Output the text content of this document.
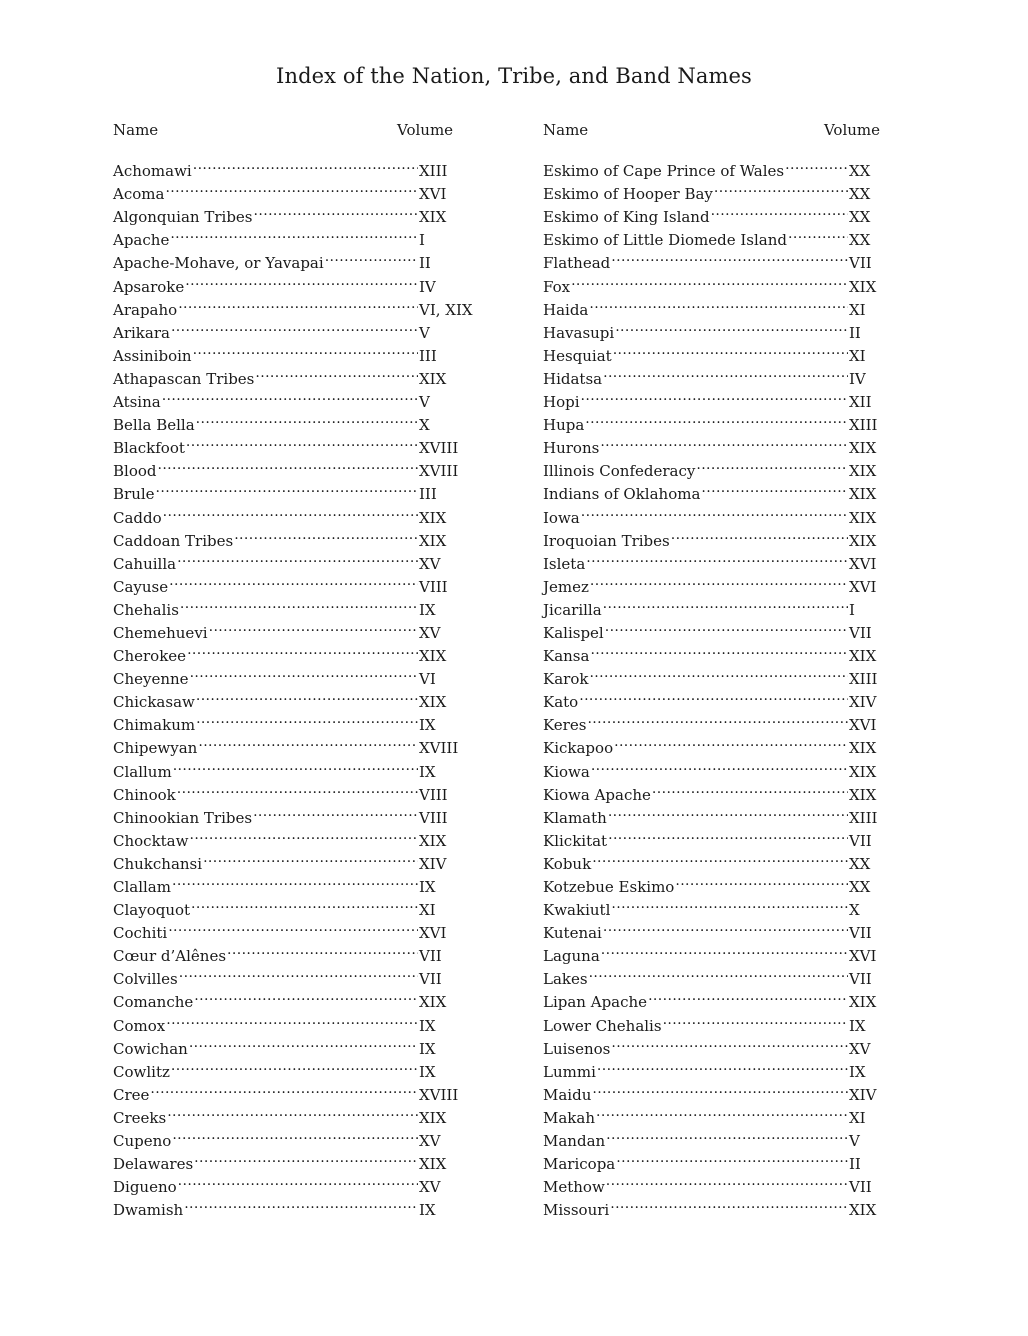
Index of the Nation, Tribe, and Band Names
Name	Volume
Achomawi .....	XIII
Acoma .....	XVI
Algonquian Tribes .....	XIX
Apache .....	I
Apache-Mohave, or Yavapai .....	II
Apsaroke .....	IV
Arapaho .....	VI, XIX
Arikara .....	V
Assiniboin .....	III
Athapascan Tribes .....	XIX
Atsina .....	V
Bella Bella .....	X
Blackfoot .....	XVIII
Blood .....	XVIII
Brule .....	III
Caddo .....	XIX
Caddoan Tribes .....	XIX
Cahuilla .....	XV
Cayuse .....	VIII
Chehalis .....	IX
Chemehuevi .....	XV
Cherokee .....	XIX
Cheyenne .....	VI
Chickasaw .....	XIX
Chimakum .....	IX
Chipewyan .....	XVIII
Clallum .....	IX
Chinook .....	VIII
Chinookian Tribes .....	VIII
Chocktaw .....	XIX
Chukchansi .....	XIV
Clallam .....	IX
Clayoquot .....	XI
Cochiti .....	XVI
Cœur d’Alênes .....	VII
Colvilles .....	VII
Comanche .....	XIX
Comox .....	IX
Cowichan .....	IX
Cowlitz .....	IX
Cree .....	XVIII
Creeks .....	XIX
Cupeno .....	XV
Delawares .....	XIX
Digueno .....	XV
Dwamish .....	IX
Name	Volume
Eskimo of Cape Prince of Wales .....	XX
Eskimo of Hooper Bay .....	XX
Eskimo of King Island .....	XX
Eskimo of Little Diomede Island .....	XX
Flathead .....	VII
Fox .....	XIX
Haida .....	XI
Havasupi .....	II
Hesquiat .....	XI
Hidatsa .....	IV
Hopi .....	XII
Hupa .....	XIII
Hurons .....	XIX
Illinois Confederacy .....	XIX
Indians of Oklahoma .....	XIX
Iowa .....	XIX
Iroquoian Tribes .....	XIX
Isleta .....	XVI
Jemez .....	XVI
Jicarilla .....	I
Kalispel .....	VII
Kansa .....	XIX
Karok .....	XIII
Kato .....	XIV
Keres .....	XVI
Kickapoo .....	XIX
Kiowa .....	XIX
Kiowa Apache .....	XIX
Klamath .....	XIII
Klickitat .....	VII
Kobuk .....	XX
Kotzebue Eskimo .....	XX
Kwakiutl .....	X
Kutenai .....	VII
Laguna .....	XVI
Lakes .....	VII
Lipan Apache .....	XIX
Lower Chehalis .....	IX
Luisenos .....	XV
Lummi .....	IX
Maidu .....	XIV
Makah .....	XI
Mandan .....	V
Maricopa .....	II
Methow .....	VII
Missouri .....	XIX
